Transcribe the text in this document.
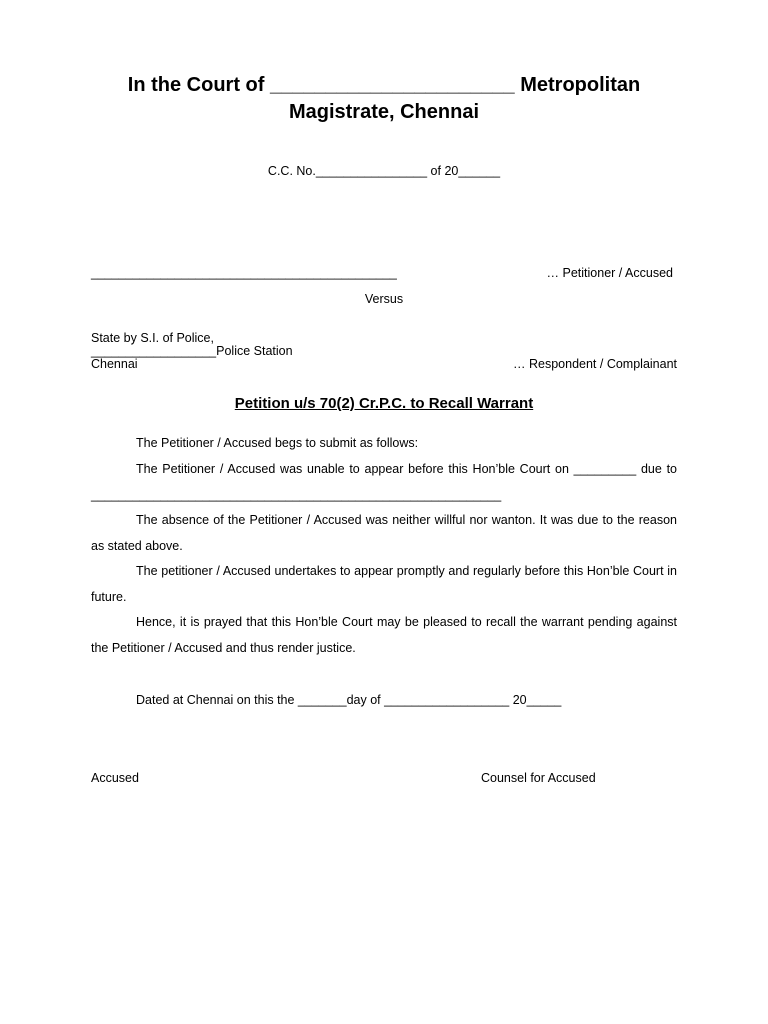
In the Court of ______________________ Metropolitan
Magistrate, Chennai
C.C. No.________________ of 20______
____________________________________________	… Petitioner / Accused
Versus
State by S.I. of Police,
__________________Police Station
Chennai	… Respondent / Complainant
Petition u/s 70(2) Cr.P.C. to Recall Warrant
The Petitioner / Accused begs to submit as follows:
The Petitioner / Accused was unable to appear before this Hon’ble Court on _________ due to ___________________________________________________________
The absence of the Petitioner / Accused was neither willful nor wanton. It was due to the reason as stated above.
The petitioner / Accused undertakes to appear promptly and regularly before this Hon’ble Court in future.
Hence, it is prayed that this Hon’ble Court may be pleased to recall the warrant pending against the Petitioner / Accused and thus render justice.
Dated at Chennai on this the _______day of __________________ 20_____
Accused	Counsel for Accused
